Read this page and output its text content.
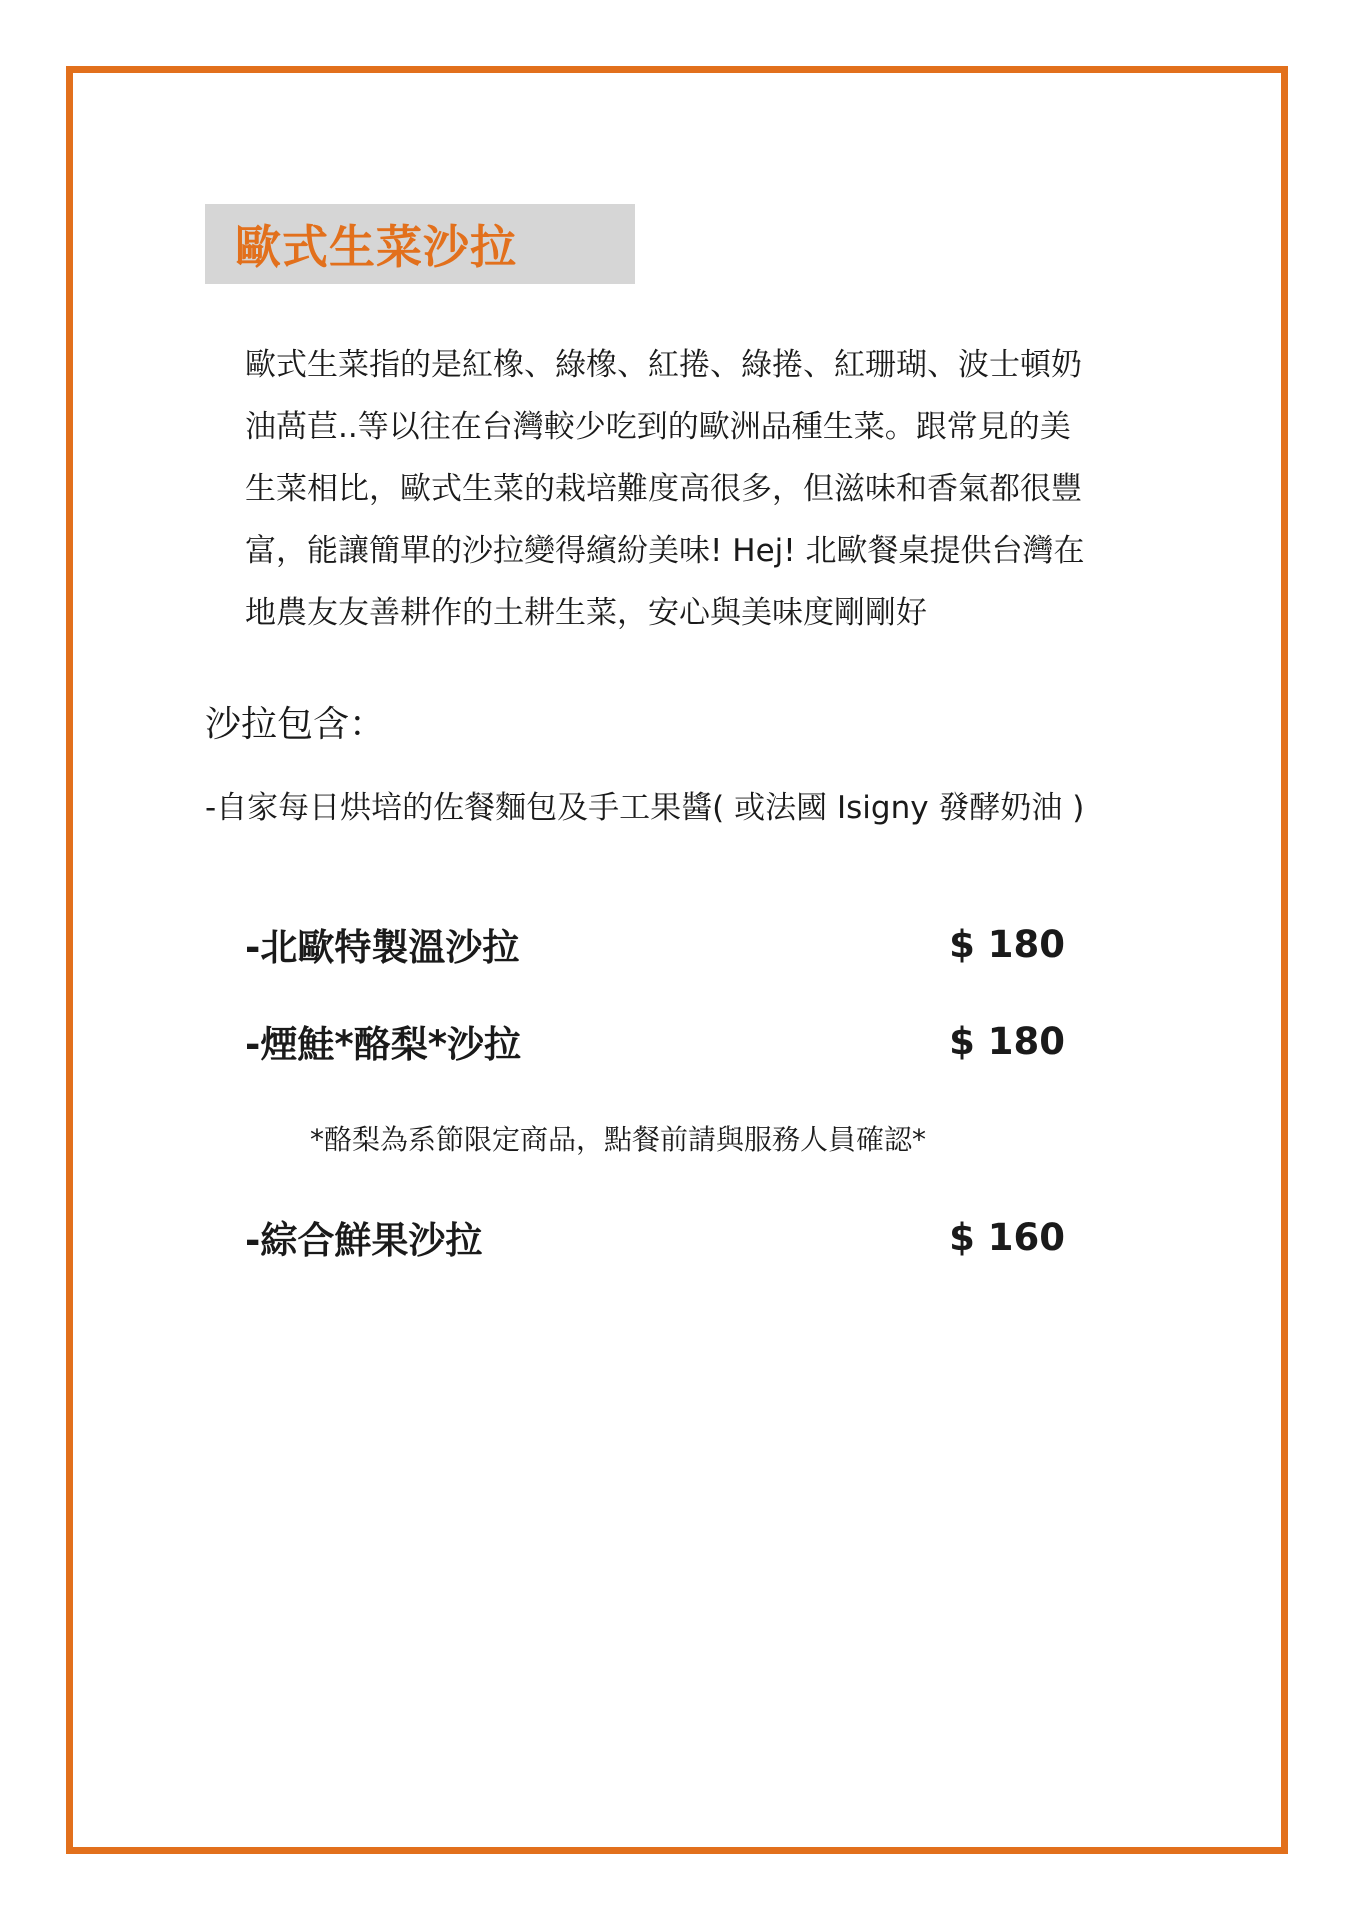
歐式生菜沙拉

歐式生菜指的是紅橡、綠橡、紅捲、綠捲、紅珊瑚、波士頓奶
油萵苣..等以往在台灣較少吃到的歐洲品種生菜。跟常見的美
生菜相比，歐式生菜的栽培難度高很多，但滋味和香氣都很豐
富，能讓簡單的沙拉變得繽紛美味! Hej! 北歐餐桌提供台灣在
地農友友善耕作的土耕生菜，安心與美味度剛剛好

沙拉包含：
-自家每日烘培的佐餐麵包及手工果醬( 或法國 Isigny 發酵奶油 )
-北歐特製溫沙拉	$ 180
-煙鮭*酪梨*沙拉	$ 180
*酪梨為系節限定商品，點餐前請與服務人員確認*
-綜合鮮果沙拉	$ 160
